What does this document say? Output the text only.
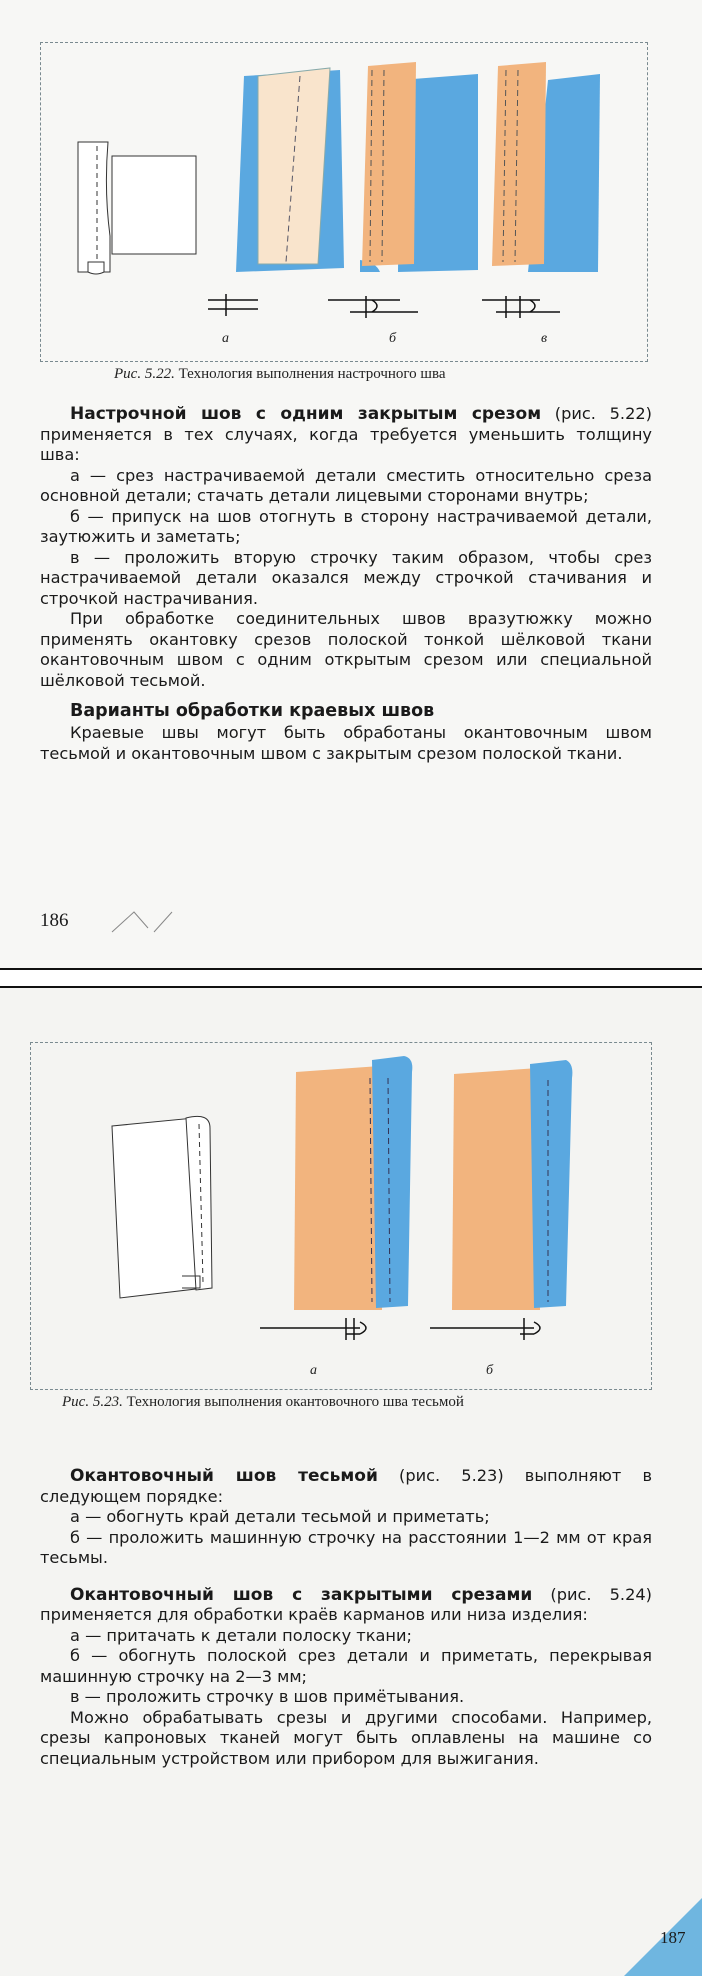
а	б	в
Рис. 5.22. Технология выполнения настрочного шва

Настрочной шов с одним закрытым срезом (рис. 5.22) применяется в тех случаях, когда требуется уменьшить толщину шва:

а — срез настрачиваемой детали сместить относительно среза основной детали; стачать детали лицевыми сторонами внутрь;

б — припуск на шов отогнуть в сторону настрачиваемой детали, заутюжить и заметать;

в — проложить вторую строчку таким образом, чтобы срез настрачиваемой детали оказался между строчкой стачивания и строчкой настрачивания.

При обработке соединительных швов вразутюжку можно применять окантовку срезов полоской тонкой шёлковой ткани окантовочным швом с одним открытым срезом или специальной шёлковой тесьмой.

Варианты обработки краевых швов

Краевые швы могут быть обработаны окантовочным швом тесьмой и окантовочным швом с закрытым срезом полоской ткани.

186
а	б
Рис. 5.23. Технология выполнения окантовочного шва тесьмой

Окантовочный шов тесьмой (рис. 5.23) выполняют в следующем порядке:

а — обогнуть край детали тесьмой и приметать;

б — проложить машинную строчку на расстоянии 1—2 мм от края тесьмы.

Окантовочный шов с закрытыми срезами (рис. 5.24) применяется для обработки краёв карманов или низа изделия:

а — притачать к детали полоску ткани;

б — обогнуть полоской срез детали и приметать, перекрывая машинную строчку на 2—3 мм;

в — проложить строчку в шов примётывания.

Можно обрабатывать срезы и другими способами. Например, срезы капроновых тканей могут быть оплавлены на машине со специальным устройством или прибором для выжигания.

187
